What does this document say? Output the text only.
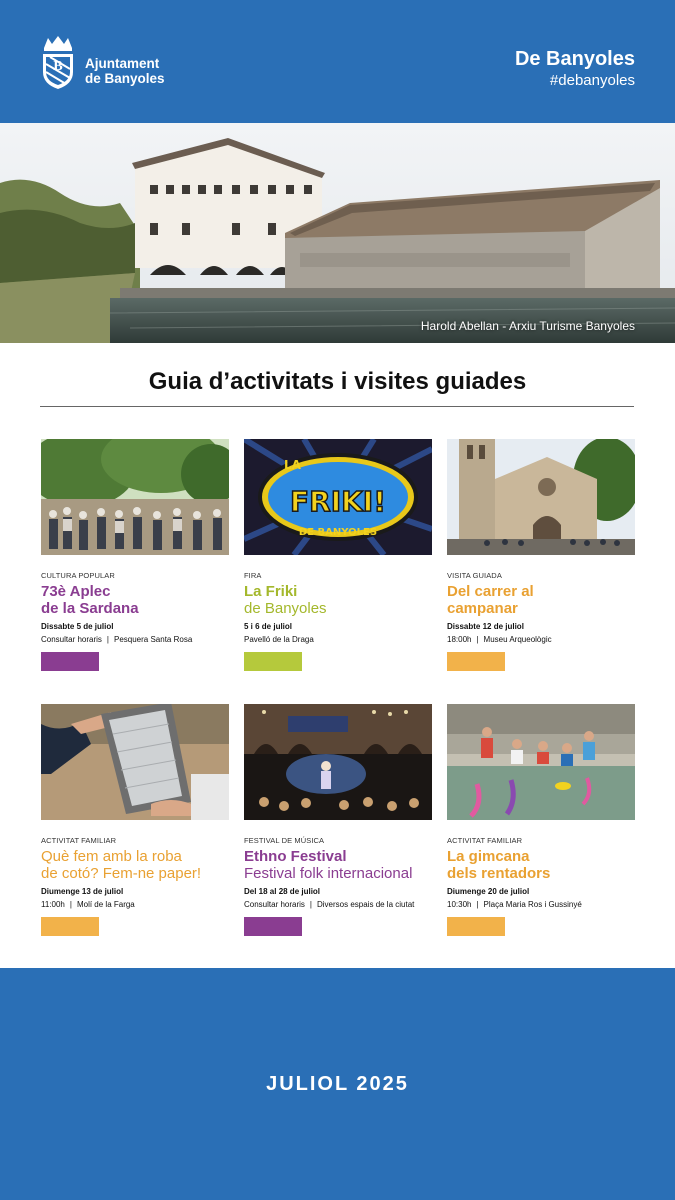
B Ajuntament
de Banyoles
De Banyoles
#debanyoles
Harold Abellan - Arxiu Turisme Banyoles
Guia d’activitats i visites guiades
CULTURA POPULAR
73è Aplec
de la Sardana
Dissabte 5 de juliol
Consultar horaris | Pesquera Santa Rosa
LA
FRIKI!
DE BANYOLES
FIRA
La Friki
de Banyoles
5 i 6 de juliol
Pavelló de la Draga
VISITA GUIADA
Del carrer al
campanar
Dissabte 12 de juliol
18:00h | Museu Arqueològic
ACTIVITAT FAMILIAR
Què fem amb la roba
de cotó? Fem-ne paper!
Diumenge 13 de juliol
11:00h | Molí de la Farga
FESTIVAL DE MÚSICA
Ethno Festival
Festival folk internacional
Del 18 al 28 de juliol
Consultar horaris | Diversos espais de la ciutat
ACTIVITAT FAMILIAR
La gimcana
dels rentadors
Diumenge 20 de juliol
10:30h | Plaça Maria Ros i Gussinyé
JULIOL 2025
